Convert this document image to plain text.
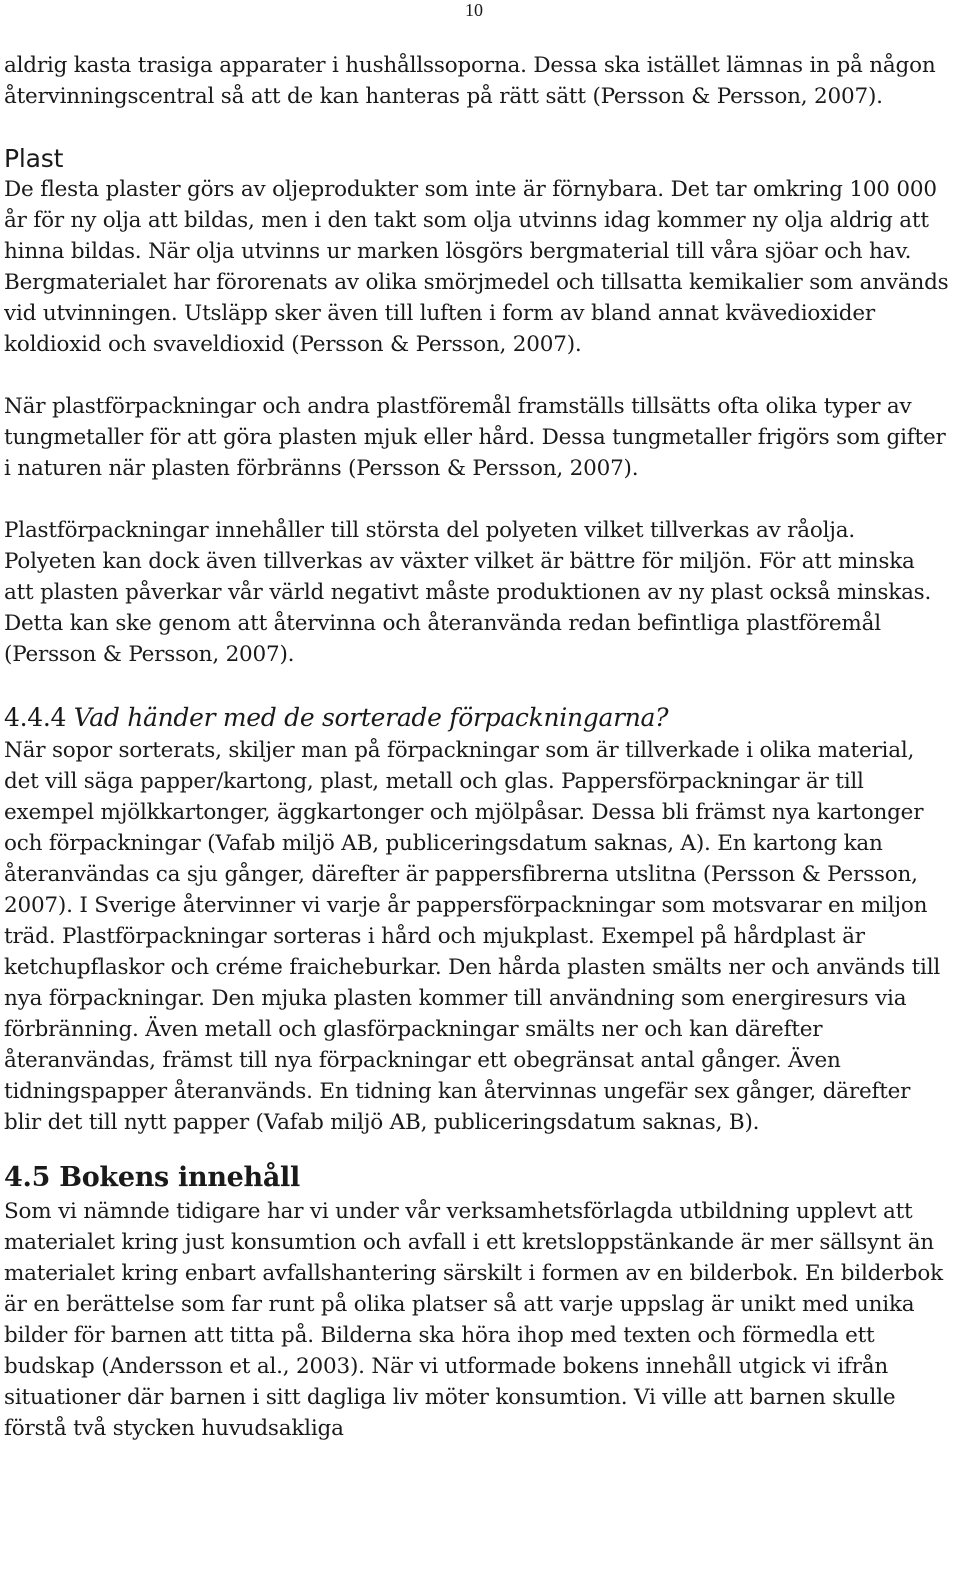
10

aldrig kasta trasiga apparater i hushållssoporna. Dessa ska istället lämnas in på någon återvinningscentral så att de kan hanteras på rätt sätt (Persson & Persson, 2007).

Plast

De flesta plaster görs av oljeprodukter som inte är förnybara. Det tar omkring 100 000 år för ny olja att bildas, men i den takt som olja utvinns idag kommer ny olja aldrig att hinna bildas. När olja utvinns ur marken lösgörs bergmaterial till våra sjöar och hav. Bergmaterialet har förorenats av olika smörjmedel och tillsatta kemikalier som används vid utvinningen. Utsläpp sker även till luften i form av bland annat kvävedioxider koldioxid och svaveldioxid (Persson & Persson, 2007).

När plastförpackningar och andra plastföremål framställs tillsätts ofta olika typer av tungmetaller för att göra plasten mjuk eller hård. Dessa tungmetaller frigörs som gifter i naturen när plasten förbränns (Persson & Persson, 2007).

Plastförpackningar innehåller till största del polyeten vilket tillverkas av råolja. Polyeten kan dock även tillverkas av växter vilket är bättre för miljön. För att minska att plasten påverkar vår värld negativt måste produktionen av ny plast också minskas. Detta kan ske genom att återvinna och återanvända redan befintliga plastföremål (Persson & Persson, 2007).

4.4.4 Vad händer med de sorterade förpackningarna?

När sopor sorterats, skiljer man på förpackningar som är tillverkade i olika material, det vill säga papper/kartong, plast, metall och glas. Pappersförpackningar är till exempel mjölkkartonger, äggkartonger och mjölpåsar. Dessa bli främst nya kartonger och förpackningar (Vafab miljö AB, publiceringsdatum saknas, A). En kartong kan återanvändas ca sju gånger, därefter är pappersfibrerna utslitna (Persson & Persson, 2007). I Sverige återvinner vi varje år pappersförpackningar som motsvarar en miljon träd. Plastförpackningar sorteras i hård och mjukplast. Exempel på hårdplast är ketchupflaskor och créme fraicheburkar. Den hårda plasten smälts ner och används till nya förpackningar. Den mjuka plasten kommer till användning som energiresurs via förbränning. Även metall och glasförpackningar smälts ner och kan därefter återanvändas, främst till nya förpackningar ett obegränsat antal gånger. Även tidningspapper återanvänds. En tidning kan återvinnas ungefär sex gånger, därefter blir det till nytt papper (Vafab miljö AB, publiceringsdatum saknas, B).

4.5 Bokens innehåll

Som vi nämnde tidigare har vi under vår verksamhetsförlagda utbildning upplevt att materialet kring just konsumtion och avfall i ett kretsloppstänkande är mer sällsynt än materialet kring enbart avfallshantering särskilt i formen av en bilderbok. En bilderbok är en berättelse som far runt på olika platser så att varje uppslag är unikt med unika bilder för barnen att titta på. Bilderna ska höra ihop med texten och förmedla ett budskap (Andersson et al., 2003). När vi utformade bokens innehåll utgick vi ifrån situationer där barnen i sitt dagliga liv möter konsumtion. Vi ville att barnen skulle förstå två stycken huvudsakliga
